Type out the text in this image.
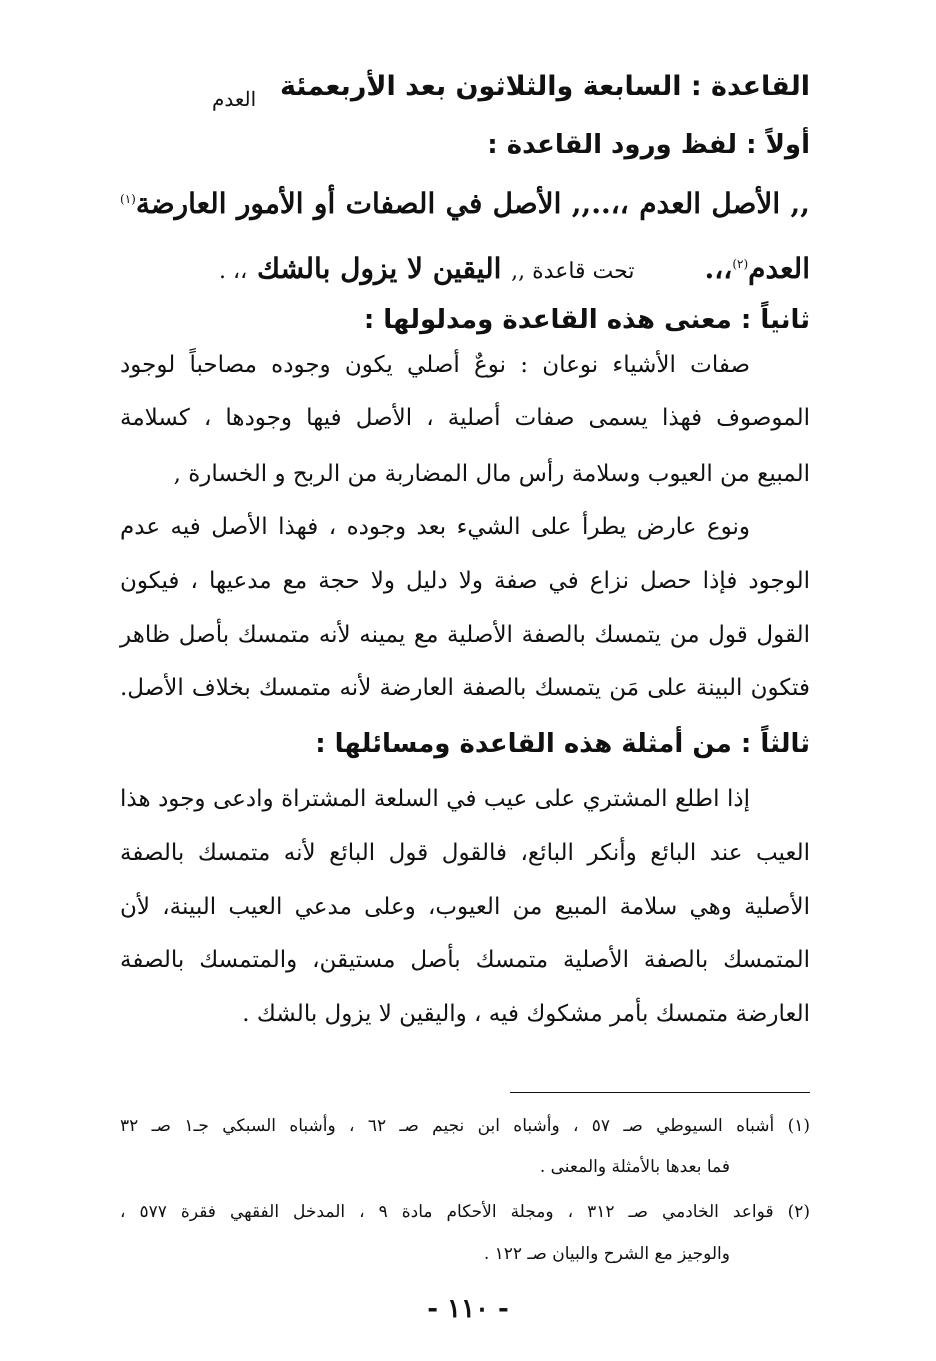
القاعدة : السابعة والثلاثون بعد الأربعمئة
العدم
أولاً : لفظ ورود القاعدة :
,, الأصل العدم ،،..,, الأصل في الصفات أو الأمور العارضة$^{(١)}$
العدم$^{(٢)}$،،.تحت قاعدة ,, اليقين لا يزول بالشك ،، .
ثانياً : معنى هذه القاعدة ومدلولها :
صفات الأشياء نوعان : نوعٌ أصلي يكون وجوده مصاحباً لوجود
الموصوف فهذا يسمى صفات أصلية ، الأصل فيها وجودها ، كسلامة
المبيع من العيوب وسلامة رأس مال المضاربة من الربح و الخسارة ,
ونوع عارض يطرأ على الشيء بعد وجوده ، فهذا الأصل فيه عدم
الوجود فإذا حصل نزاع في صفة ولا دليل ولا حجة مع مدعيها ، فيكون
القول قول من يتمسك بالصفة الأصلية مع يمينه لأنه متمسك بأصل ظاهر
فتكون البينة على مَن يتمسك بالصفة العارضة لأنه متمسك بخلاف الأصل.
ثالثاً : من أمثلة هذه القاعدة ومسائلها :
إذا اطلع المشتري على عيب في السلعة المشتراة وادعى وجود هذا
العيب عند البائع وأنكر البائع، فالقول قول البائع لأنه متمسك بالصفة
الأصلية وهي سلامة المبيع من العيوب، وعلى مدعي العيب البينة، لأن
المتمسك بالصفة الأصلية متمسك بأصل مستيقن، والمتمسك بالصفة
العارضة متمسك بأمر مشكوك فيه ، واليقين لا يزول بالشك .
(١) أشباه السيوطي صـ ٥٧ ، وأشباه ابن نجيم صـ ٦٢ ، وأشباه السبكي جـ١ صـ ٣٢
فما بعدها بالأمثلة والمعنى .
(٢) قواعد الخادمي صـ ٣١٢ ، ومجلة الأحكام مادة ٩ ، المدخل الفقهي فقرة ٥٧٧ ،
والوجيز مع الشرح والبيان صـ ١٢٢ .
- ١١٠ -
